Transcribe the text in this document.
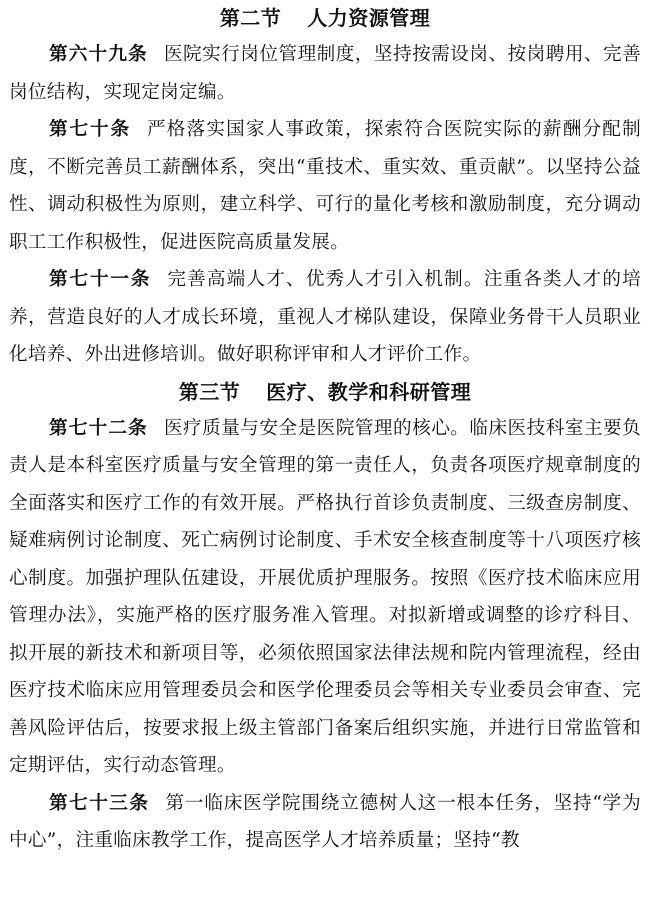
第二节 人力资源管理

第六十九条 医院实行岗位管理制度，坚持按需设岗、按岗聘用、完善岗位结构，实现定岗定编。

第七十条 严格落实国家人事政策，探索符合医院实际的薪酬分配制度，不断完善员工薪酬体系，突出“重技术、重实效、重贡献”。以坚持公益性、调动积极性为原则，建立科学、可行的量化考核和激励制度，充分调动职工工作积极性，促进医院高质量发展。

第七十一条 完善高端人才、优秀人才引入机制。注重各类人才的培养，营造良好的人才成长环境，重视人才梯队建设，保障业务骨干人员职业化培养、外出进修培训。做好职称评审和人才评价工作。

第三节 医疗、教学和科研管理

第七十二条 医疗质量与安全是医院管理的核心。临床医技科室主要负责人是本科室医疗质量与安全管理的第一责任人，负责各项医疗规章制度的全面落实和医疗工作的有效开展。严格执行首诊负责制度、三级查房制度、疑难病例讨论制度、死亡病例讨论制度、手术安全核查制度等十八项医疗核心制度。加强护理队伍建设，开展优质护理服务。按照《医疗技术临床应用管理办法》，实施严格的医疗服务准入管理。对拟新增或调整的诊疗科目、拟开展的新技术和新项目等，必须依照国家法律法规和院内管理流程，经由医疗技术临床应用管理委员会和医学伦理委员会等相关专业委员会审查、完善风险评估后，按要求报上级主管部门备案后组织实施，并进行日常监管和定期评估，实行动态管理。

第七十三条 第一临床医学院围绕立德树人这一根本任务，坚持“学为中心”，注重临床教学工作，提高医学人才培养质量；坚持“教
